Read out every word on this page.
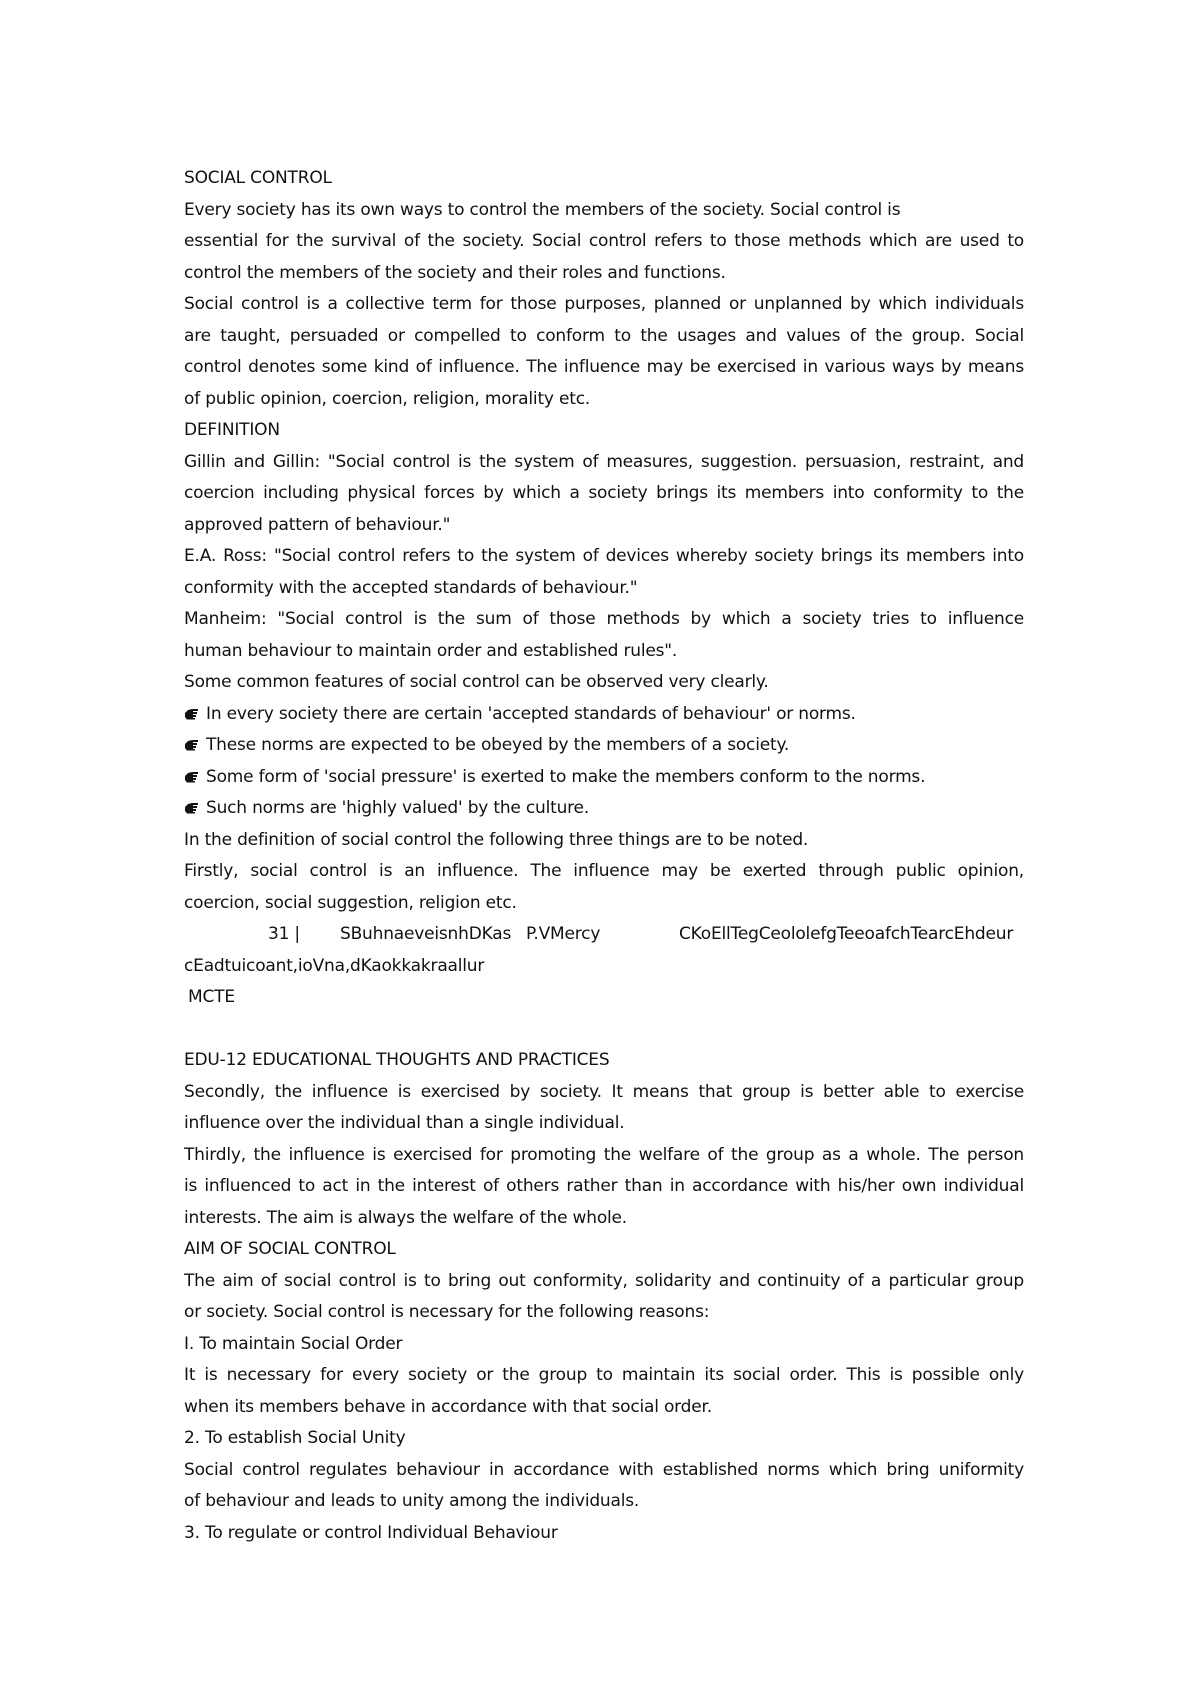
SOCIAL CONTROL
Every society has its own ways to control the members of the society. Social control is
essential for the survival of the society. Social control refers to those methods which are used to
control the members of the society and their roles and functions.
Social control is a collective term for those purposes, planned or unplanned by which individuals
are taught, persuaded or compelled to conform to the usages and values of the group. Social
control denotes some kind of influence. The influence may be exercised in various ways by means
of public opinion, coercion, religion, morality etc.
DEFINITION
Gillin and Gillin: "Social control is the system of measures, suggestion. persuasion, restraint, and
coercion including physical forces by which a society brings its members into conformity to the
approved pattern of behaviour."
E.A. Ross: "Social control refers to the system of devices whereby society brings its members into
conformity with the accepted standards of behaviour."
Manheim: "Social control is the sum of those methods by which a society tries to influence
human behaviour to maintain order and established rules".
Some common features of social control can be observed very clearly.
In every society there are certain 'accepted standards of behaviour' or norms.
These norms are expected to be obeyed by the members of a society.
Some form of 'social pressure' is exerted to make the members conform to the norms.
Such norms are 'highly valued' by the culture.
In the definition of social control the following three things are to be noted.
Firstly, social control is an influence. The influence may be exerted through public opinion,
coercion, social suggestion, religion etc.
31 | SBuhnaeveisnhDKas P.VMercy	CKoEllTegCeololefgTeeoafchTearcEhdeur
cEadtuicoant,ioVna,dKaokkakraallur
MCTE
EDU-12 EDUCATIONAL THOUGHTS AND PRACTICES
Secondly, the influence is exercised by society. It means that group is better able to exercise
influence over the individual than a single individual.
Thirdly, the influence is exercised for promoting the welfare of the group as a whole. The person
is influenced to act in the interest of others rather than in accordance with his/her own individual
interests. The aim is always the welfare of the whole.
AIM OF SOCIAL CONTROL
The aim of social control is to bring out conformity, solidarity and continuity of a particular group
or society. Social control is necessary for the following reasons:
I. To maintain Social Order
It is necessary for every society or the group to maintain its social order. This is possible only
when its members behave in accordance with that social order.
2. To establish Social Unity
Social control regulates behaviour in accordance with established norms which bring uniformity
of behaviour and leads to unity among the individuals.
3. To regulate or control Individual Behaviour
